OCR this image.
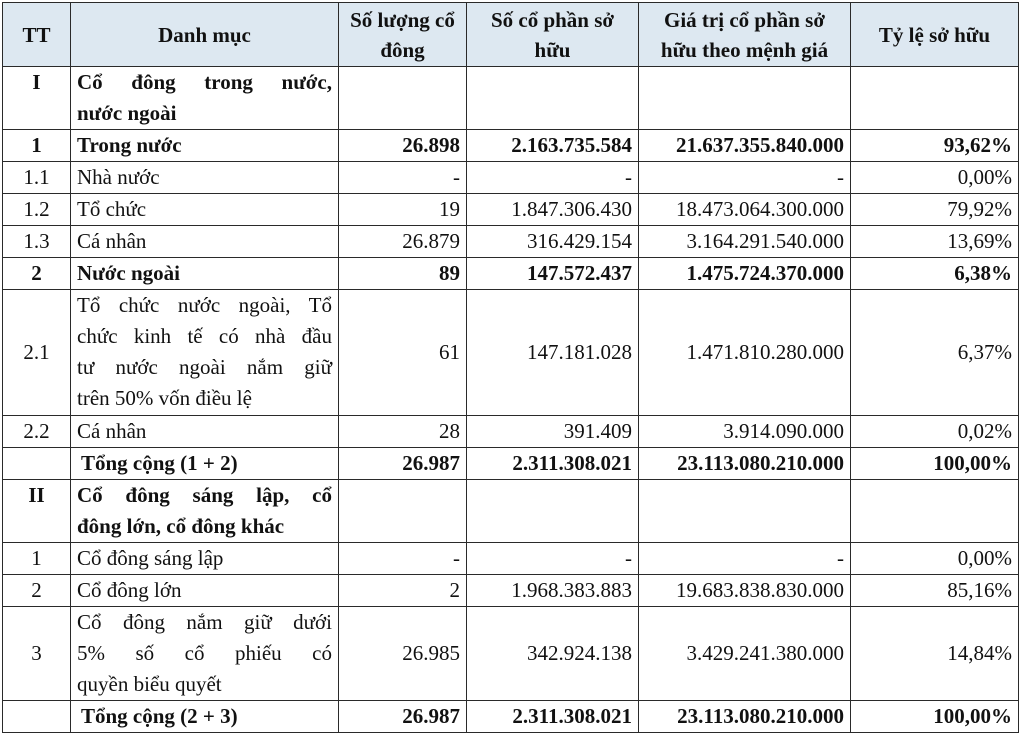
TT	Danh mục	Số lượng cổ đông	Số cổ phần sở hữu	Giá trị cổ phần sở hữu theo mệnh giá	Tỷ lệ sở hữu
I	Cổ đông trong nước,
nước ngoài				

1	Trong nước	26.898	2.163.735.584	21.637.355.840.000	93,62%
1.1	Nhà nước	-	-	-	0,00%
1.2	Tổ chức	19	1.847.306.430	18.473.064.300.000	79,92%
1.3	Cá nhân	26.879	316.429.154	3.164.291.540.000	13,69%
2	Nước ngoài	89	147.572.437	1.475.724.370.000	6,38%
2.1	Tổ chức nước ngoài, Tổ
chức kinh tế có nhà đầu
tư nước ngoài nắm giữ
trên 50% vốn điều lệ	61	147.181.028	1.471.810.280.000	6,37%
2.2	Cá nhân	28	391.409	3.914.090.000	0,02%

	Tổng cộng (1 + 2)	26.987	2.311.308.021	23.113.080.210.000	100,00%
II	Cổ đông sáng lập, cổ
đông lớn, cổ đông khác				

1	Cổ đông sáng lập	-	-	-	0,00%
2	Cổ đông lớn	2	1.968.383.883	19.683.838.830.000	85,16%
3	Cổ đông nắm giữ dưới
5% số cổ phiếu có
quyền biểu quyết	26.985	342.924.138	3.429.241.380.000	14,84%

	Tổng cộng (2 + 3)	26.987	2.311.308.021	23.113.080.210.000	100,00%
